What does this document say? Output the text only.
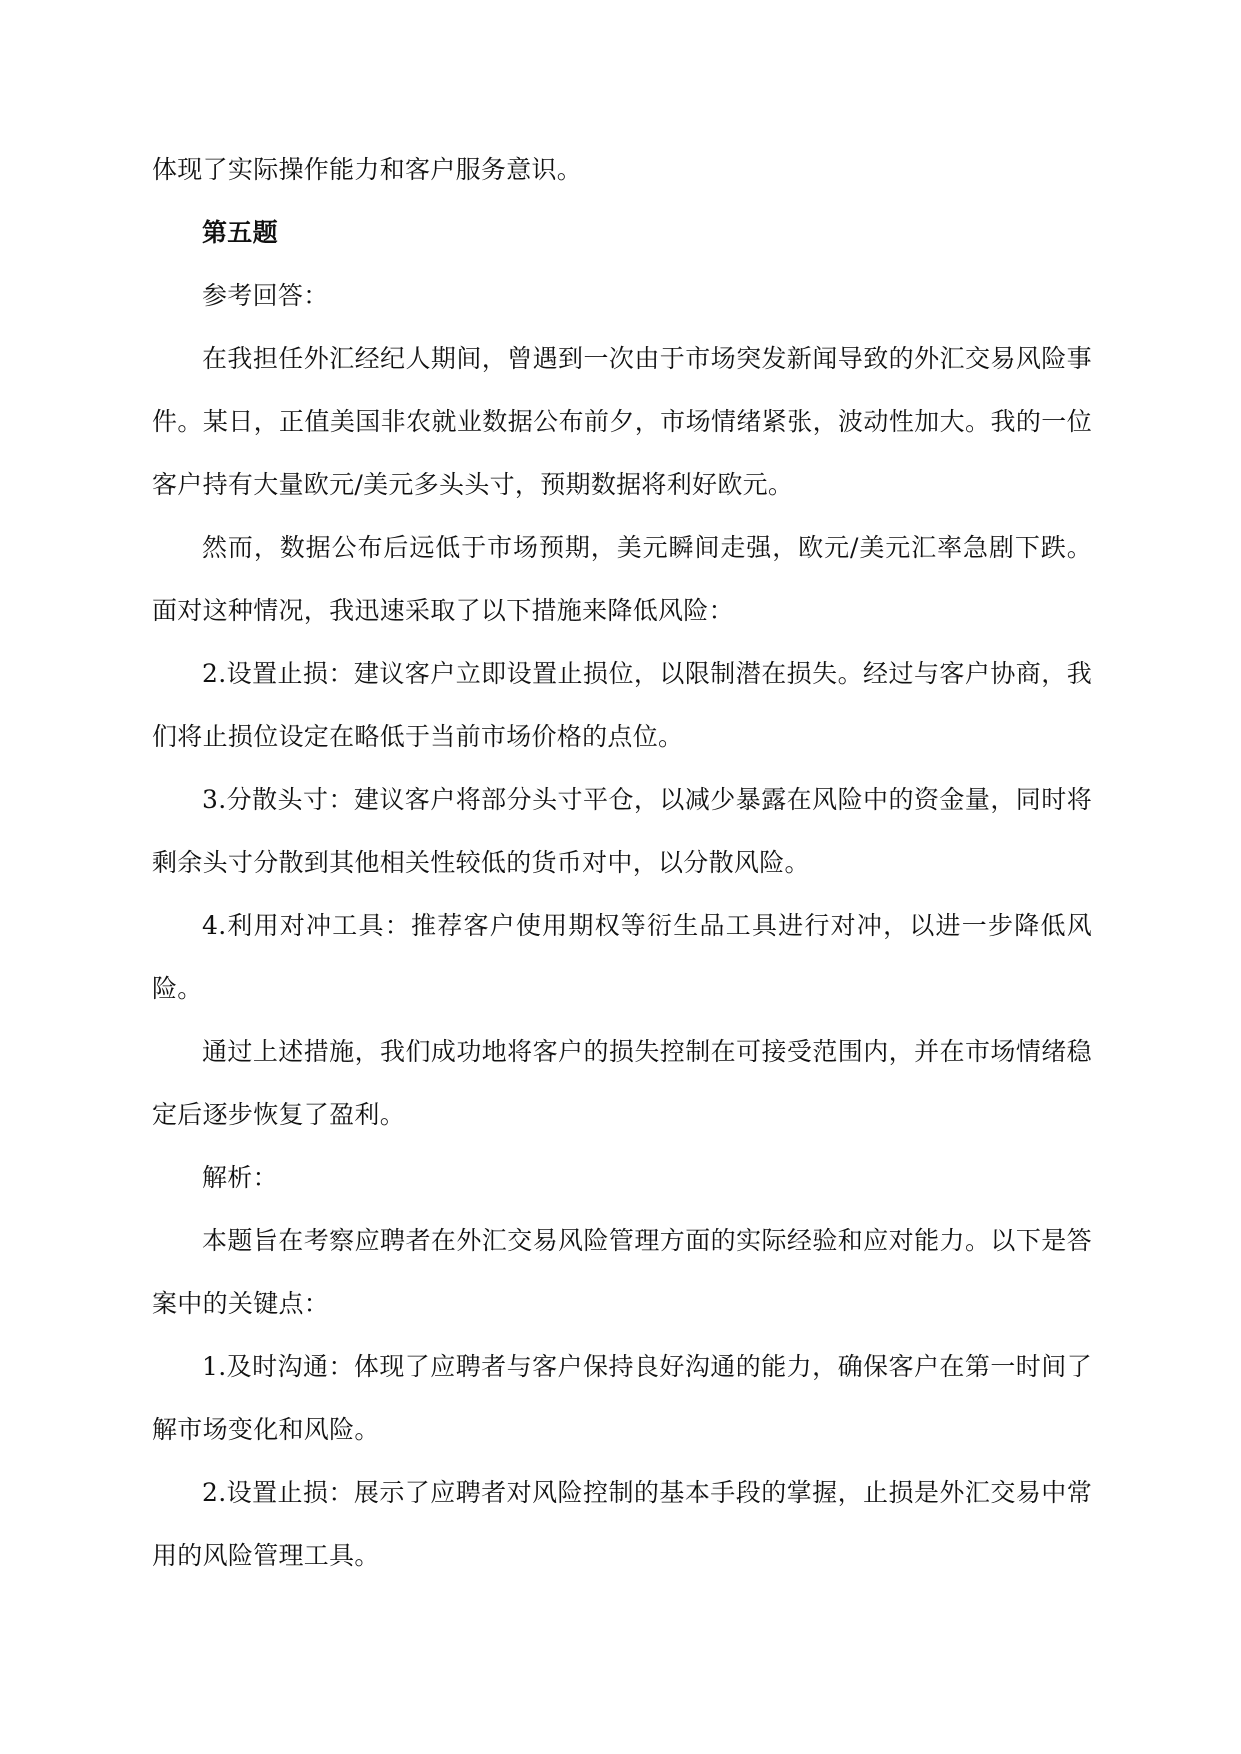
体现了实际操作能力和客户服务意识。

第五题

参考回答：

在我担任外汇经纪人期间，曾遇到一次由于市场突发新闻导致的外汇交易风险事件。某日，正值美国非农就业数据公布前夕，市场情绪紧张，波动性加大。我的一位客户持有大量欧元/美元多头头寸，预期数据将利好欧元。

然而，数据公布后远低于市场预期，美元瞬间走强，欧元/美元汇率急剧下跌。面对这种情况，我迅速采取了以下措施来降低风险：

2.设置止损：建议客户立即设置止损位，以限制潜在损失。经过与客户协商，我们将止损位设定在略低于当前市场价格的点位。

3.分散头寸：建议客户将部分头寸平仓，以减少暴露在风险中的资金量，同时将剩余头寸分散到其他相关性较低的货币对中，以分散风险。

4.利用对冲工具：推荐客户使用期权等衍生品工具进行对冲，以进一步降低风险。

通过上述措施，我们成功地将客户的损失控制在可接受范围内，并在市场情绪稳定后逐步恢复了盈利。

解析：

本题旨在考察应聘者在外汇交易风险管理方面的实际经验和应对能力。以下是答案中的关键点：

1.及时沟通：体现了应聘者与客户保持良好沟通的能力，确保客户在第一时间了解市场变化和风险。

2.设置止损：展示了应聘者对风险控制的基本手段的掌握，止损是外汇交易中常用的风险管理工具。
